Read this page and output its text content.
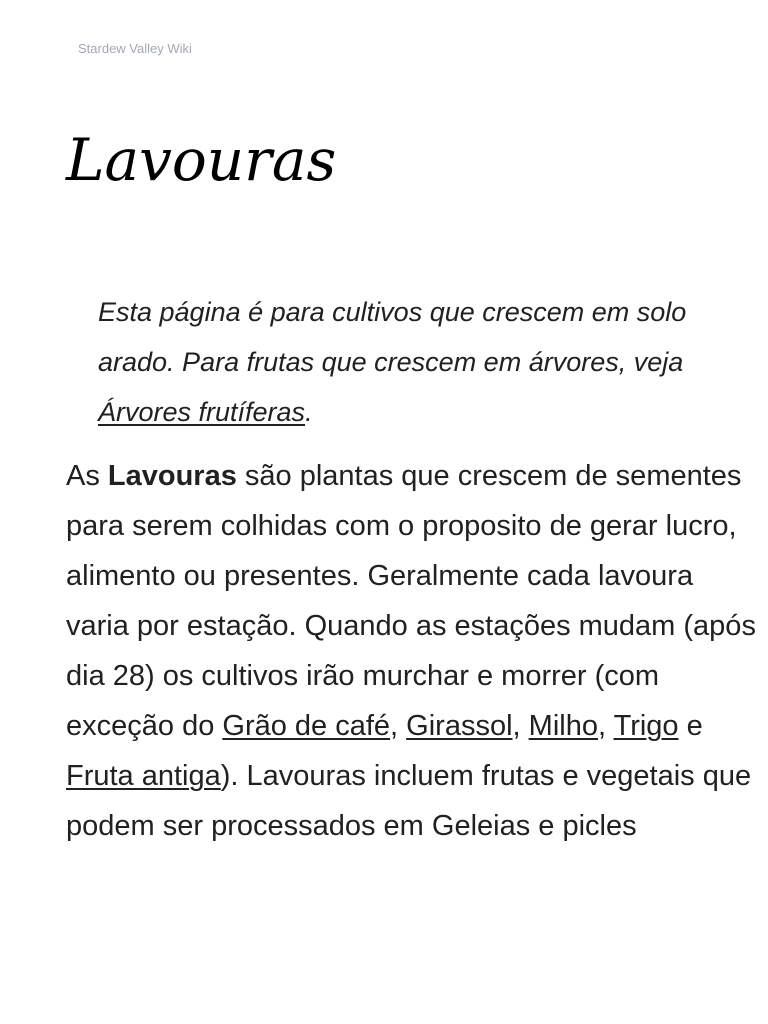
Stardew Valley Wiki
Lavouras

Esta página é para cultivos que crescem em solo arado. Para frutas que crescem em árvores, veja Árvores frutíferas.

As Lavouras são plantas que crescem de sementes para serem colhidas com o proposito de gerar lucro, alimento ou presentes. Geralmente cada lavoura varia por estação. Quando as estações mudam (após dia 28) os cultivos irão murchar e morrer (com exceção do Grão de café, Girassol, Milho, Trigo e Fruta antiga). Lavouras incluem frutas e vegetais que podem ser processados em Geleias e picles
